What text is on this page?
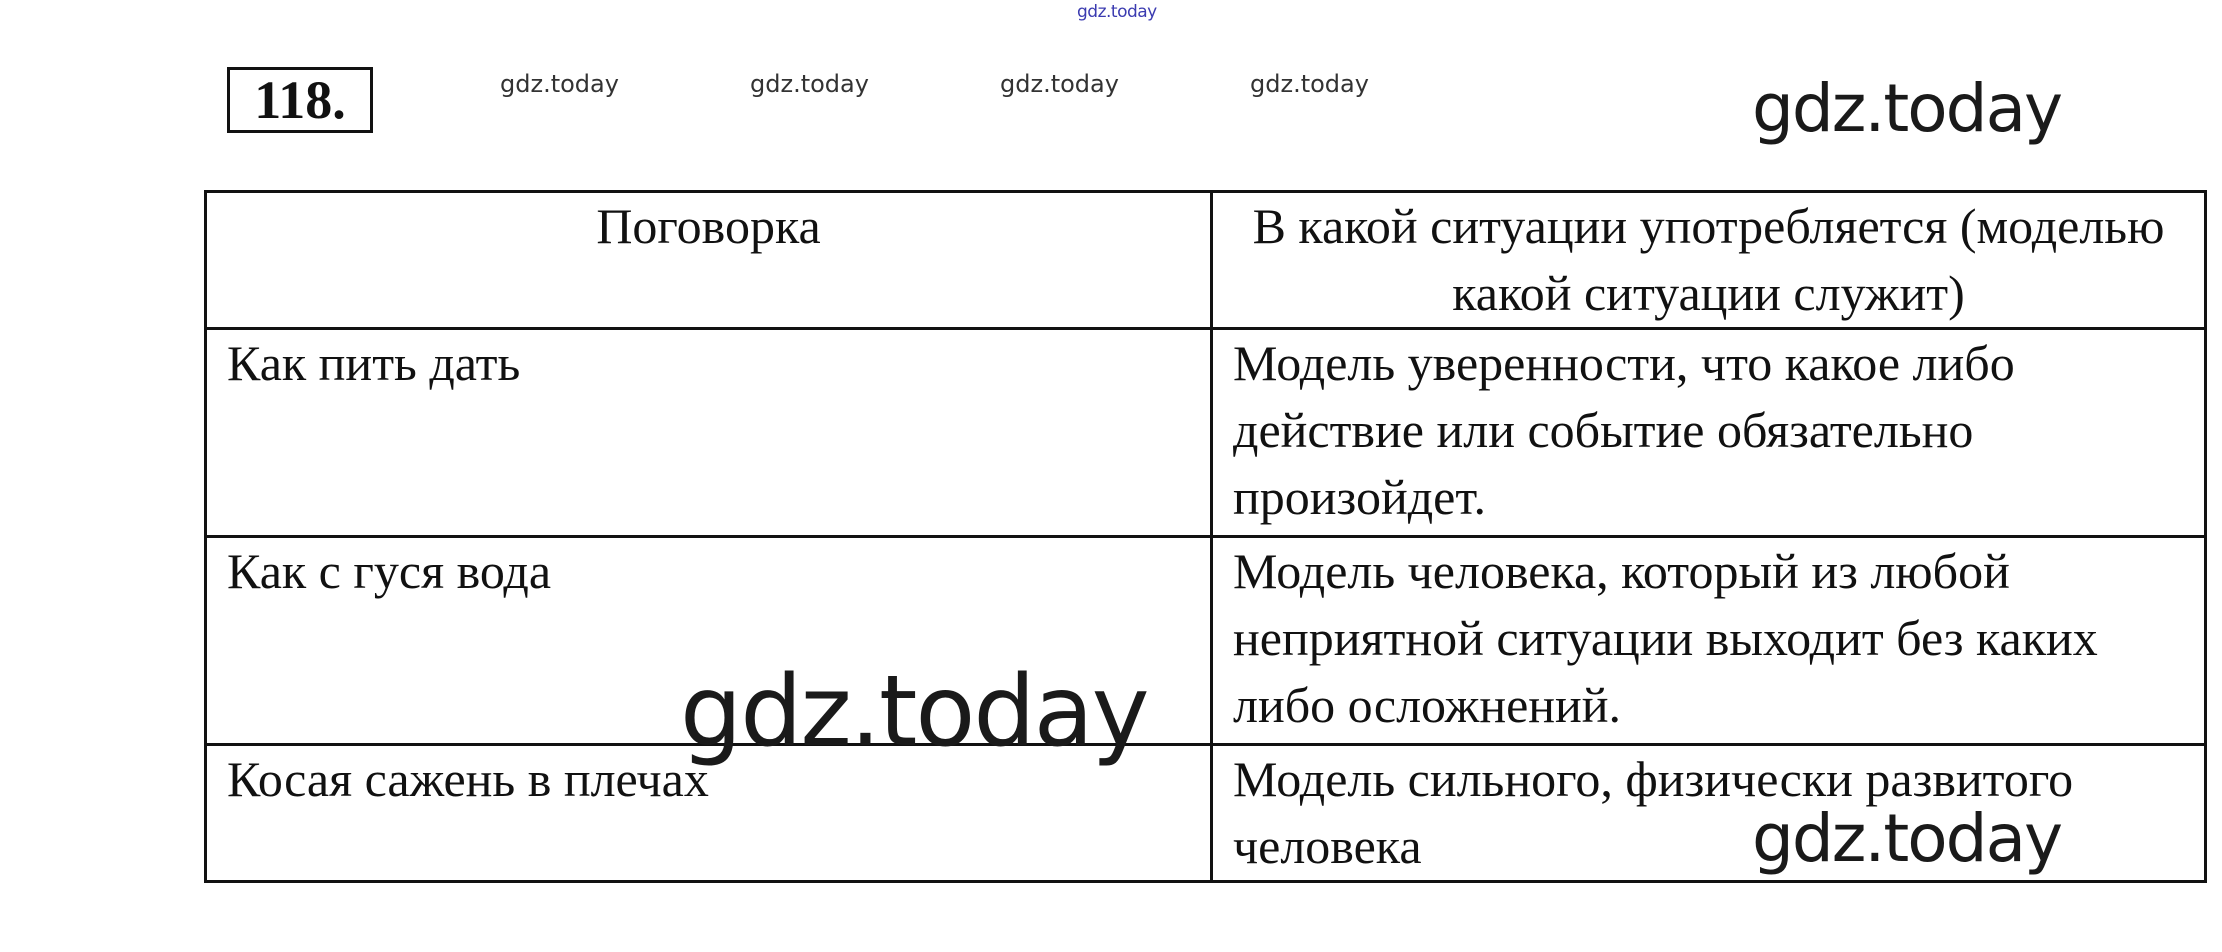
gdz.today
118.	gdz.today	gdz.today	gdz.today	gdz.today	gdz.today
Поговорка	В какой ситуации употребляется (моделью какой ситуации служит)

Как пить дать	Модель уверенности, что какое либо действие или событие обязательно произойдет.

Как с гуся вода	Модель человека, который из любой неприятной ситуации выходит без каких либо осложнений.

Косая сажень в плечах	Модель сильного, физически развитого человека
gdz.today
gdz.today
